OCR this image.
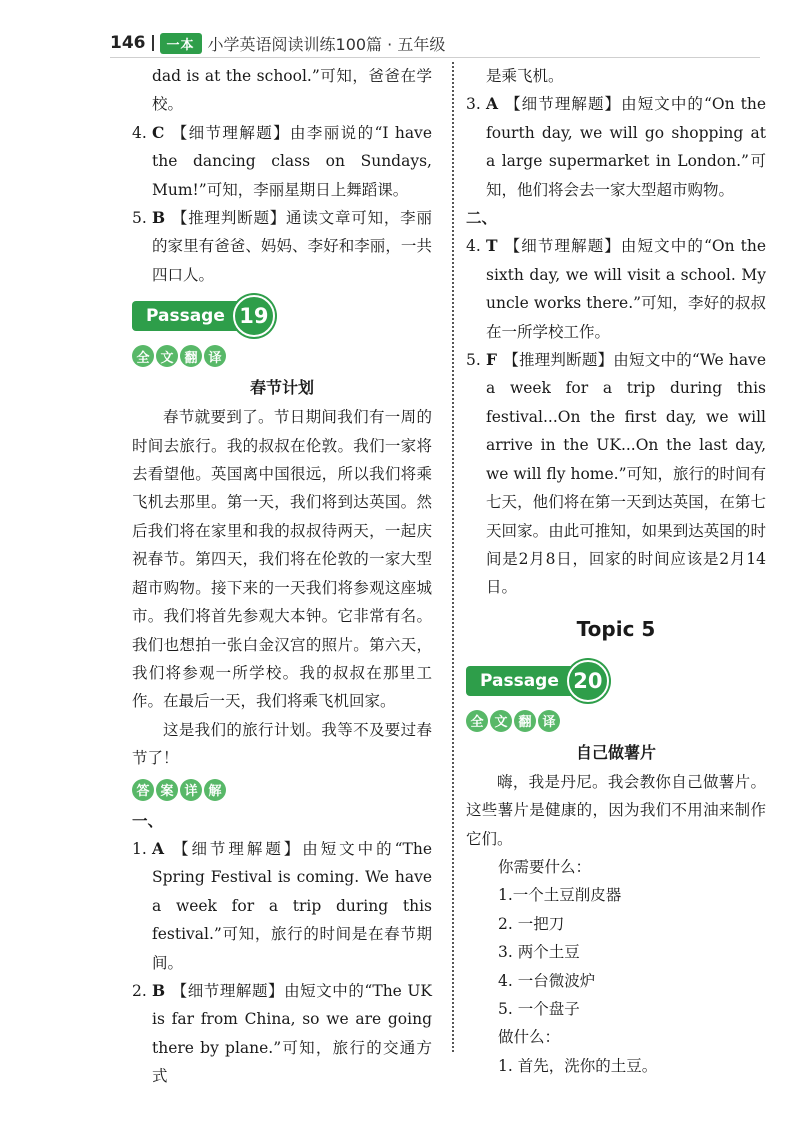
146	一本 小学英语阅读训练100篇 · 五年级

dad is at the school.”可知，爸爸在学校。

4. C 【细节理解题】由李丽说的“I have the dancing class on Sundays, Mum!”可知，李丽星期日上舞蹈课。
5. B 【推理判断题】通读文章可知，李丽的家里有爸爸、妈妈、李好和李丽，一共四口人。
Passage 19
全 文 翻 译

春节计划

春节就要到了。节日期间我们有一周的时间去旅行。我的叔叔在伦敦。我们一家将去看望他。英国离中国很远，所以我们将乘飞机去那里。第一天，我们将到达英国。然后我们将在家里和我的叔叔待两天，一起庆祝春节。第四天，我们将在伦敦的一家大型超市购物。接下来的一天我们将参观这座城市。我们将首先参观大本钟。它非常有名。我们也想拍一张白金汉宫的照片。第六天，我们将参观一所学校。我的叔叔在那里工作。在最后一天，我们将乘飞机回家。

这是我们的旅行计划。我等不及要过春节了！

答 案 详 解
一、
1. A 【细节理解题】由短文中的“The Spring Festival is coming. We have a week for a trip during this festival.”可知，旅行的时间是在春节期间。
2. B 【细节理解题】由短文中的“The UK is far from China, so we are going there by plane.”可知，旅行的交通方式

是乘飞机。

3. A 【细节理解题】由短文中的“On the fourth day, we will go shopping at a large supermarket in London.”可知，他们将会去一家大型超市购物。
二、
4. T 【细节理解题】由短文中的“On the sixth day, we will visit a school. My uncle works there.”可知，李好的叔叔在一所学校工作。
5. F 【推理判断题】由短文中的“We have a week for a trip during this festival...On the first day, we will arrive in the UK...On the last day, we will fly home.”可知，旅行的时间有七天，他们将在第一天到达英国，在第七天回家。由此可推知，如果到达英国的时间是2月8日，回家的时间应该是2月14日。
Topic 5
Passage 20
全 文 翻 译

自己做薯片

嗨，我是丹尼。我会教你自己做薯片。这些薯片是健康的，因为我们不用油来制作它们。

你需要什么：
1.一个土豆削皮器
2. 一把刀
3. 两个土豆
4. 一台微波炉
5. 一个盘子
做什么：
1. 首先，洗你的土豆。
